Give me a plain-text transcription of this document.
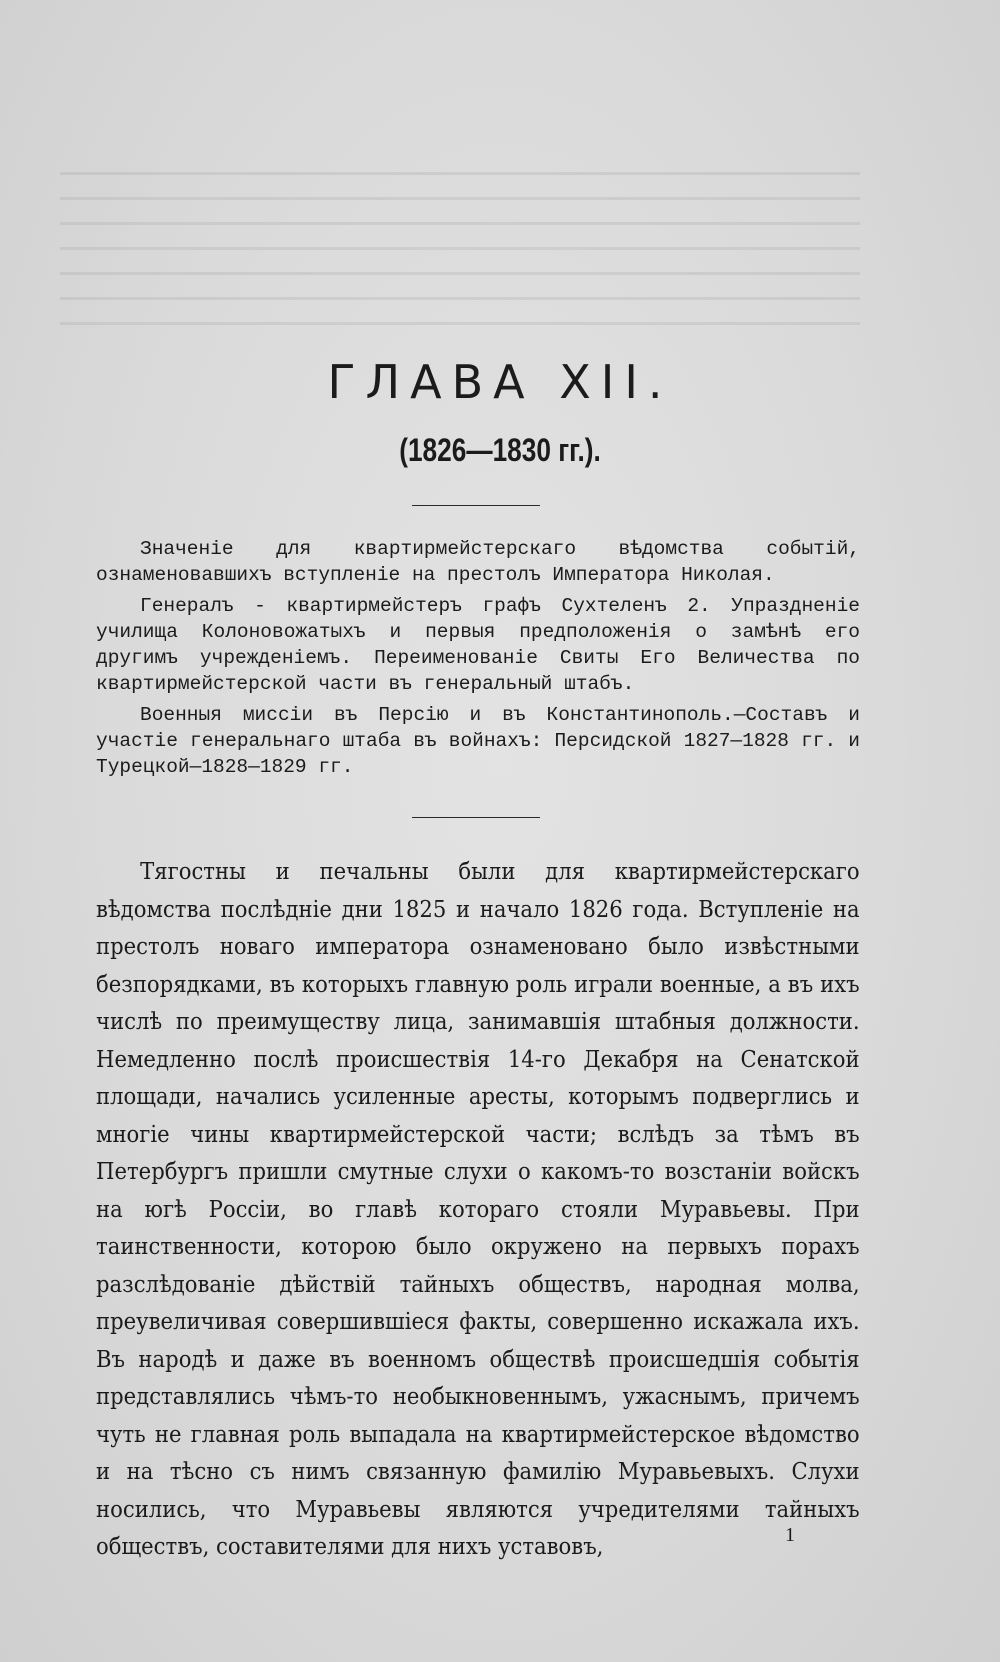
ГЛАВА XII.
(1826—1830 гг.).

Значеніе для квартирмейстерскаго вѣдомства событій, ознаменовавшихъ вступленіе на престолъ Императора Николая.

Генералъ - квартирмейстеръ графъ Сухтеленъ 2. Упраздненіе училища Колоновожатыхъ и первыя предположенія о замѣнѣ его другимъ учрежденіемъ. Переименованіе Свиты Его Величества по квартирмейстерской части въ генеральный штабъ.

Военныя миссіи въ Персію и въ Константинополь.—Составъ и участіе генеральнаго штаба въ войнахъ: Персидской 1827—1828 гг. и Турецкой—1828—1829 гг.

Тягостны и печальны были для квартирмейстерскаго вѣдомства послѣдніе дни 1825 и начало 1826 года. Вступленіе на престолъ новаго императора ознаменовано было извѣстными безпорядками, въ которыхъ главную роль играли военные, а въ ихъ числѣ по преимуществу лица, занимавшія штабныя должности. Немедленно послѣ происшествія 14-го Декабря на Сенатской площади, начались усиленные аресты, которымъ подверглись и многіе чины квартирмейстерской части; вслѣдъ за тѣмъ въ Петербургъ пришли смутные слухи о какомъ-то возстаніи войскъ на югѣ Россіи, во главѣ котораго стояли Муравьевы. При таинственности, которою было окружено на первыхъ порахъ разслѣдованіе дѣйствій тайныхъ обществъ, народная молва, преувеличивая совершившіеся факты, совершенно искажала ихъ. Въ народѣ и даже въ военномъ обществѣ происшедшія событія представлялись чѣмъ-то необыкновеннымъ, ужаснымъ, причемъ чуть не главная роль выпадала на квартирмейстерское вѣдомство и на тѣсно съ нимъ связанную фамилію Муравьевыхъ. Слухи носились, что Муравьевы являются учредителями тайныхъ обществъ, составителями для нихъ уставовъ,	1
